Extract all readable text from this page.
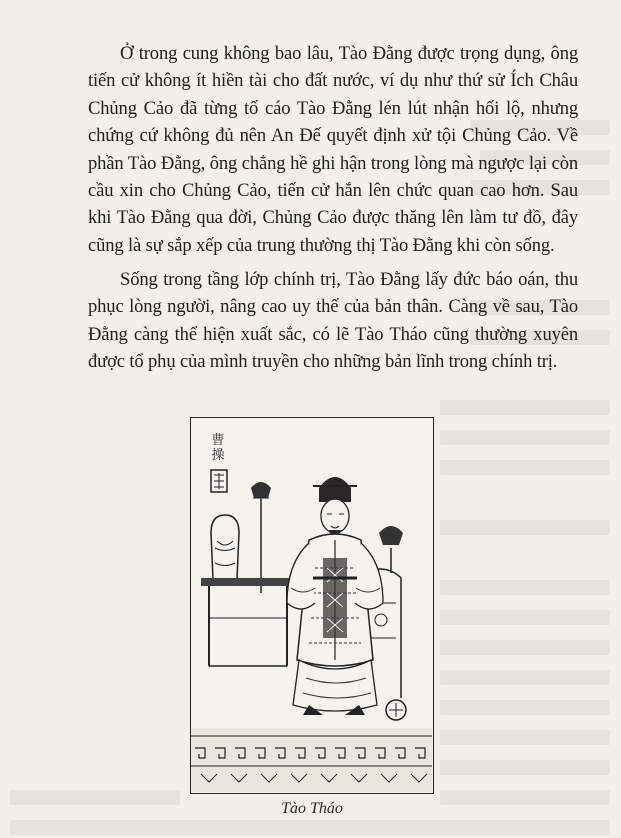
Ở trong cung không bao lâu, Tào Đằng được trọng dụng, ông tiến cử không ít hiền tài cho đất nước, ví dụ như thứ sử Ích Châu Chủng Cảo đã từng tố cáo Tào Đằng lén lút nhận hối lộ, nhưng chứng cứ không đủ nên An Đế quyết định xử tội Chủng Cảo. Về phần Tào Đằng, ông chẳng hề ghi hận trong lòng mà ngược lại còn cầu xin cho Chủng Cảo, tiến cử hắn lên chức quan cao hơn. Sau khi Tào Đằng qua đời, Chủng Cảo được thăng lên làm tư đồ, đây cũng là sự sắp xếp của trung thường thị Tào Đằng khi còn sống.

Sống trong tầng lớp chính trị, Tào Đằng lấy đức báo oán, thu phục lòng người, nâng cao uy thế của bản thân. Càng về sau, Tào Đằng càng thể hiện xuất sắc, có lẽ Tào Tháo cũng thường xuyên được tổ phụ của mình truyền cho những bản lĩnh trong chính trị.

曹操
Tào Tháo
